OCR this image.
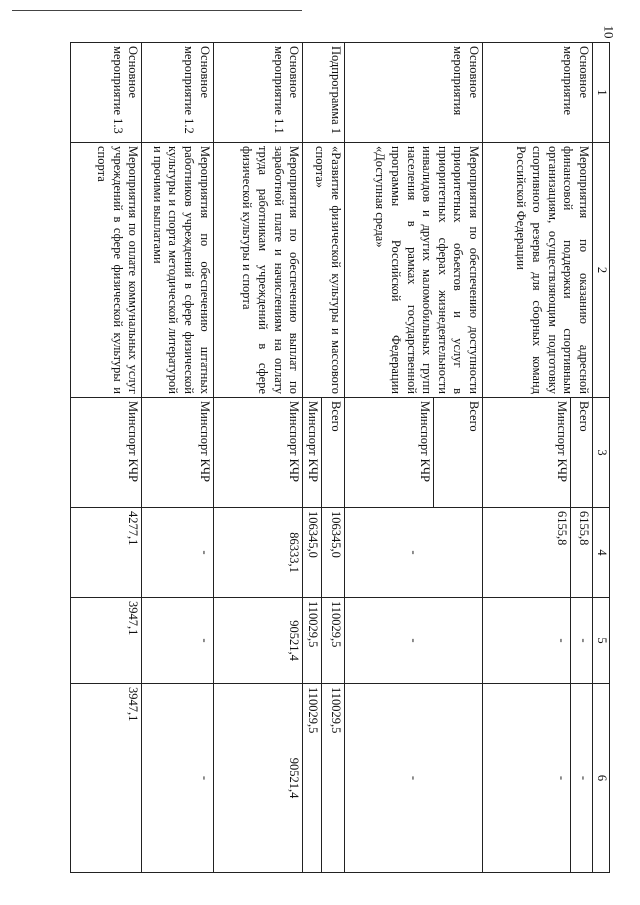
10
1	2	3	4	5	6
Основное мероприятие	Мероприятия по оказанию адресной финансовой поддержки спортивным организациям, осуществляющим подготовку спортивного резерва для сборных команд Российской Федерации	Всего	6155,8	-	-
		Минспорт КЧР	6155,8	-	-
Основное мероприятия	Мероприятия по обеспечению доступности приоритетных объектов и услуг в приоритетных сферах жизнедеятельности инвалидов и других маломобильных групп населения в рамках государственной программы Российской Федерации «Доступная среда»	Всего	-	-	-
		Минспорт КЧР			
Подпрограмма 1	«Развитие физической культуры и массового спорта»	Всего	106345,0	110029,5	110029,5
		Минспорт КЧР	106345,0	110029,5	110029,5
Основное мероприятие 1.1	Мероприятия по обеспечению выплат по заработной плате и начислениям на оплату труда работникам учреждений в сфере физической культуры и спорта	Минспорт КЧР	86333,1	90521,4	90521,4
Основное мероприятие 1.2	Мероприятия по обеспечению штатных работников учреждений в сфере физической культуры и спорта методической литературой и прочими выплатами	Минспорт КЧР	-	-	-
Основное мероприятие 1.3	Мероприятия по оплате коммунальных услуг учреждений в сфере физической культуры и спорта	Минспорт КЧР	4277,1	3947,1	3947,1
